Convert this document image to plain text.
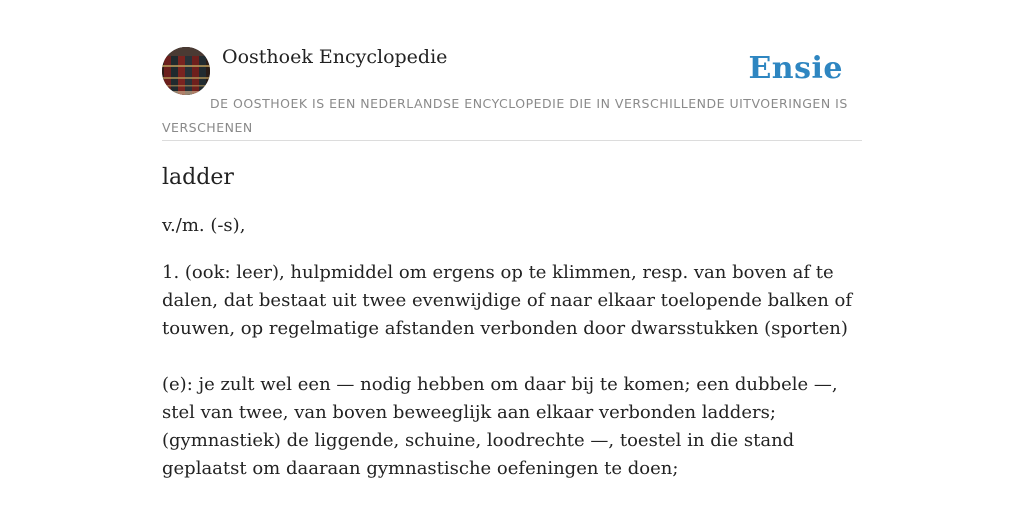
Oosthoek Encyclopedie	Ensie
DE OOSTHOEK IS EEN NEDERLANDSE ENCYCLOPEDIE DIE IN VERSCHILLENDE UITVOERINGEN IS VERSCHENEN
ladder

v./m. (-s),

1. (ook: leer), hulpmiddel om ergens op te klimmen, resp. van boven af te dalen, dat bestaat uit twee evenwijdige of naar elkaar toelopende balken of touwen, op regelmatige afstanden verbonden door dwarsstukken (sporten)

(e): je zult wel een — nodig hebben om daar bij te komen; een dubbele —, stel van twee, van boven beweeglijk aan elkaar verbonden ladders; (gymnastiek) de liggende, schuine, loodrechte —, toestel in die stand geplaatst om daaraan gymnastische oefeningen te doen;
